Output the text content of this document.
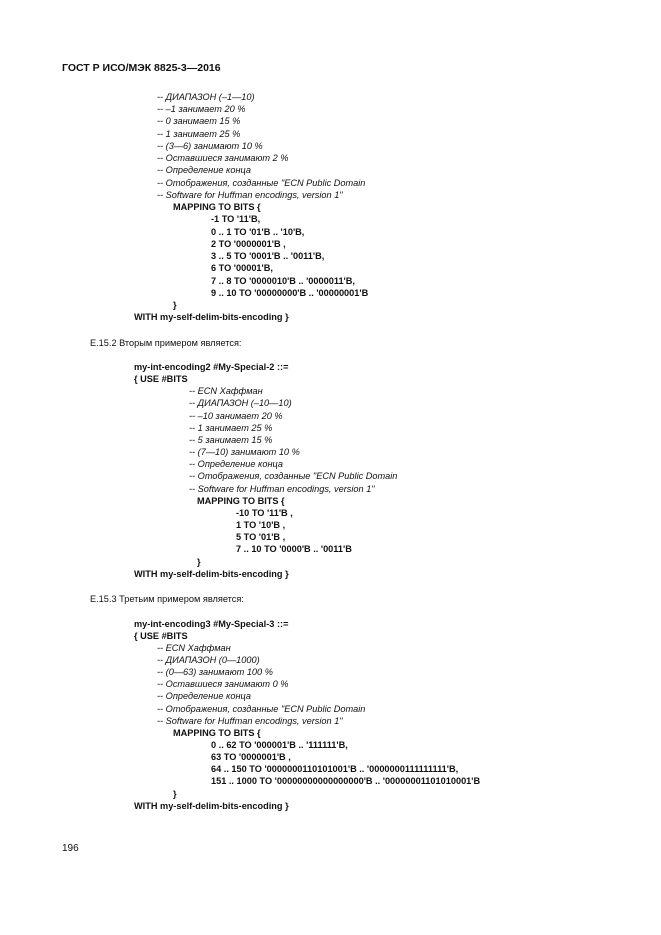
ГОСТ Р ИСО/МЭК 8825-3—2016
-- ДИАПАЗОН (–1—10)
-- –1 занимает 20 %
-- 0 занимает 15 %
-- 1 занимает 25 %
-- (3—6) занимают 10 %
-- Оставшиеся занимают 2 %
-- Определение конца
-- Отображения, созданные "ECN Public Domain
-- Software for Huffman encodings, version 1"
MAPPING TO BITS {
-1 TO '11'B,
0 .. 1 TO '01'B .. '10'B,
2 TO '0000001'B ,
3 .. 5 TO '0001'B .. '0011'B,
6 TO '00001'B,
7 .. 8 TO '0000010'B .. '0000011'B,
9 .. 10 TO '00000000'B .. '00000001'B
}
WITH my-self-delim-bits-encoding }
E.15.2 Вторым примером является:
my-int-encoding2 #My-Special-2 ::=
{ USE #BITS
-- ECN Хаффман
-- ДИАПАЗОН (–10—10)
-- –10 занимает 20 %
-- 1 занимает 25 %
-- 5 занимает 15 %
-- (7—10) занимают 10 %
-- Определение конца
-- Отображения, созданные "ECN Public Domain
-- Software for Huffman encodings, version 1"
MAPPING TO BITS {
-10 TO '11'B ,
1 TO '10'B ,
5 TO '01'B ,
7 .. 10 TO '0000'B .. '0011'B
}
WITH my-self-delim-bits-encoding }
E.15.3 Третьим примером является:
my-int-encoding3 #My-Special-3 ::=
{ USE #BITS
-- ECN Хаффман
-- ДИАПАЗОН (0—1000)
-- (0—63) занимают 100 %
-- Оставшиеся занимают 0 %
-- Определение конца
-- Отображения, созданные "ECN Public Domain
-- Software for Huffman encodings, version 1"
MAPPING TO BITS {
0 .. 62 TO '000001'B .. '111111'B,
63 TO '0000001'B ,
64 .. 150 TO '0000000110101001'B .. '0000000111111111'B,
151 .. 1000 TO '00000000000000000'B .. '00000001101010001'B
}
WITH my-self-delim-bits-encoding }
196
